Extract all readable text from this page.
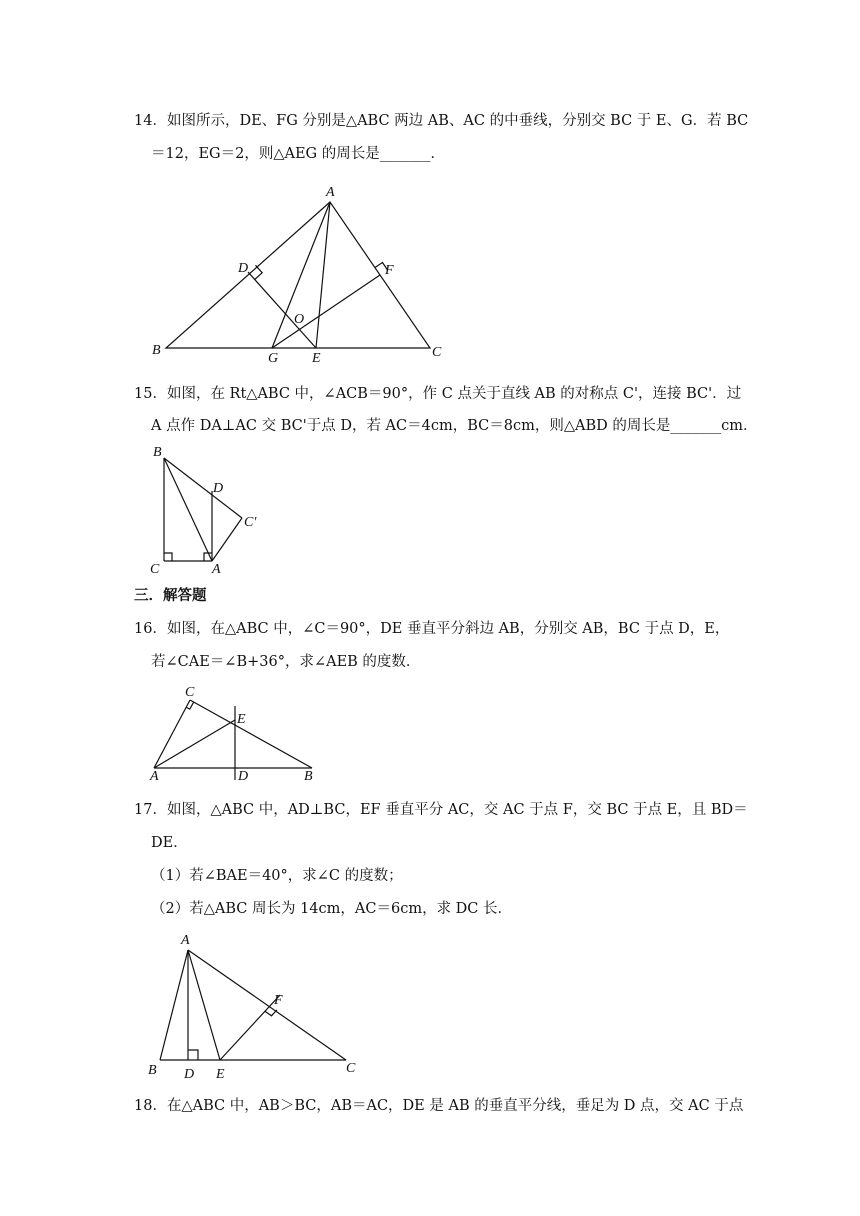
14．如图所示，DE、FG 分别是△ABC 两边 AB、AC 的中垂线，分别交 BC 于 E、G．若 BC
＝12，EG＝2，则△AEG 的周长是_______．
A
B	C
D
E
F
G
O
15．如图，在 Rt△ABC 中，∠ACB＝90°，作 C 点关于直线 AB 的对称点 C'，连接 BC'．过
A 点作 DA⊥AC 交 BC'于点 D，若 AC＝4cm，BC＝8cm，则△ABD 的周长是_______cm．
B
C	A
D
C'
三．解答题
16．如图，在△ABC 中，∠C＝90°，DE 垂直平分斜边 AB，分别交 AB，BC 于点 D，E，
若∠CAE＝∠B+36°，求∠AEB 的度数．
C
E
A	D	B
17．如图，△ABC 中，AD⊥BC，EF 垂直平分 AC，交 AC 于点 F，交 BC 于点 E，且 BD＝
DE．
（1）若∠BAE＝40°，求∠C 的度数；
（2）若△ABC 周长为 14cm，AC＝6cm，求 DC 长．
A
B D E
F
C
18．在△ABC 中，AB＞BC，AB＝AC，DE 是 AB 的垂直平分线，垂足为 D 点，交 AC 于点
